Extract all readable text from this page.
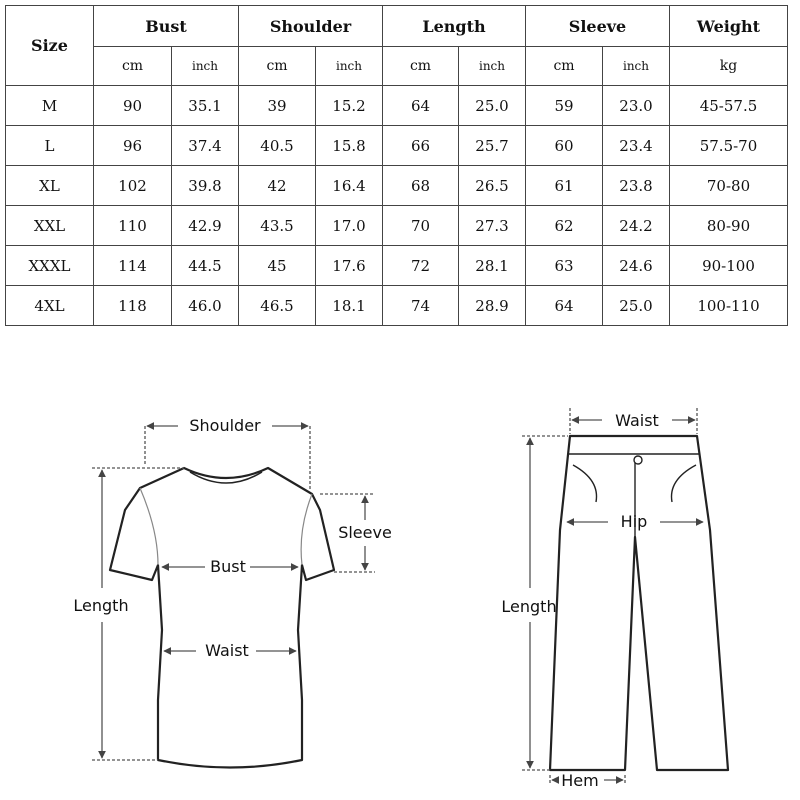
Size	Bust		Shoulder		Length		Sleeve		Weight
	cm	inch	cm	inch	cm	inch	cm	inch	kg
M	90	35.1	39	15.2	64	25.0	59	23.0	45-57.5
L	96	37.4	40.5	15.8	66	25.7	60	23.4	57.5-70
XL	102	39.8	42	16.4	68	26.5	61	23.8	70-80
XXL	110	42.9	43.5	17.0	70	27.3	62	24.2	80-90
XXXL	114	44.5	45	17.6	72	28.1	63	24.6	90-100
4XL	118	46.0	46.5	18.1	74	28.9	64	25.0	100-110
Shoulder
Sleeve
Bust
Length
Waist
Waist
Hip
Length
Hem
